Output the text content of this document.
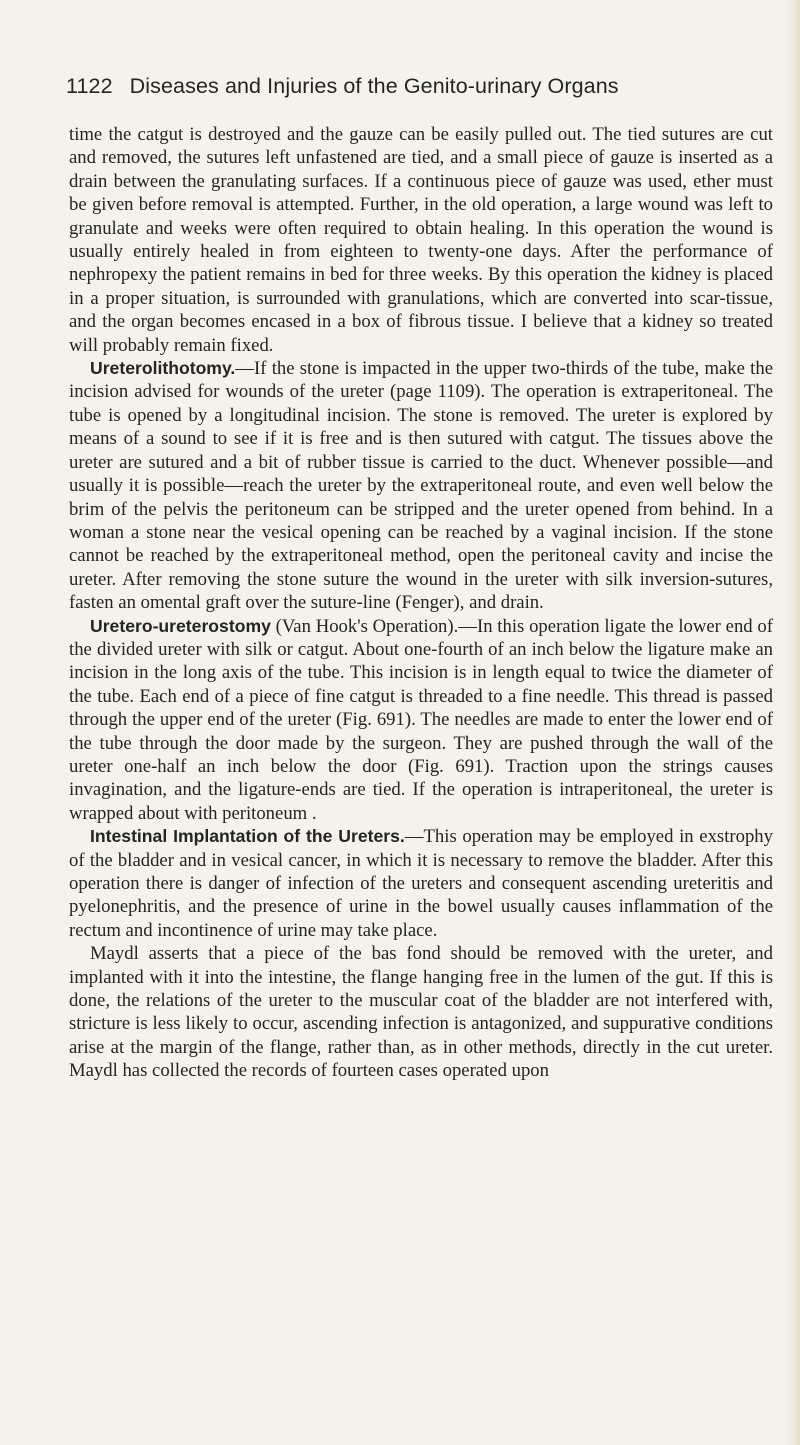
1122 Diseases and Injuries of the Genito-urinary Organs

time the catgut is destroyed and the gauze can be easily pulled out. The tied sutures are cut and removed, the sutures left unfastened are tied, and a small piece of gauze is inserted as a drain between the granulating surfaces. If a continuous piece of gauze was used, ether must be given before removal is attempted. Further, in the old operation, a large wound was left to granulate and weeks were often required to obtain healing. In this operation the wound is usually entirely healed in from eighteen to twenty-one days. After the performance of nephropexy the patient remains in bed for three weeks. By this operation the kidney is placed in a proper situation, is surrounded with granulations, which are converted into scar-tissue, and the organ becomes encased in a box of fibrous tissue. I believe that a kidney so treated will probably remain fixed.

Ureterolithotomy.—If the stone is impacted in the upper two-thirds of the tube, make the incision advised for wounds of the ureter (page 1109). The operation is extraperitoneal. The tube is opened by a longitudinal incision. The stone is removed. The ureter is explored by means of a sound to see if it is free and is then sutured with catgut. The tissues above the ureter are sutured and a bit of rubber tissue is carried to the duct. Whenever possible—and usually it is possible—reach the ureter by the extraperitoneal route, and even well below the brim of the pelvis the peritoneum can be stripped and the ureter opened from behind. In a woman a stone near the vesical opening can be reached by a vaginal incision. If the stone cannot be reached by the extraperitoneal method, open the peritoneal cavity and incise the ureter. After removing the stone suture the wound in the ureter with silk inversion-sutures, fasten an omental graft over the suture-line (Fenger), and drain.

Uretero-ureterostomy (Van Hook's Operation).—In this operation ligate the lower end of the divided ureter with silk or catgut. About one-fourth of an inch below the ligature make an incision in the long axis of the tube. This incision is in length equal to twice the diameter of the tube. Each end of a piece of fine catgut is threaded to a fine needle. This thread is passed through the upper end of the ureter (Fig. 691). The needles are made to enter the lower end of the tube through the door made by the surgeon. They are pushed through the wall of the ureter one-half an inch below the door (Fig. 691). Traction upon the strings causes invagination, and the ligature-ends are tied. If the operation is intraperitoneal, the ureter is wrapped about with peritoneum .

Intestinal Implantation of the Ureters.—This operation may be employed in exstrophy of the bladder and in vesical cancer, in which it is necessary to remove the bladder. After this operation there is danger of infection of the ureters and consequent ascending ureteritis and pyelonephritis, and the presence of urine in the bowel usually causes inflammation of the rectum and incontinence of urine may take place.

Maydl asserts that a piece of the bas fond should be removed with the ureter, and implanted with it into the intestine, the flange hanging free in the lumen of the gut. If this is done, the relations of the ureter to the muscular coat of the bladder are not interfered with, stricture is less likely to occur, ascending infection is antagonized, and suppurative conditions arise at the margin of the flange, rather than, as in other methods, directly in the cut ureter. Maydl has collected the records of fourteen cases operated upon
